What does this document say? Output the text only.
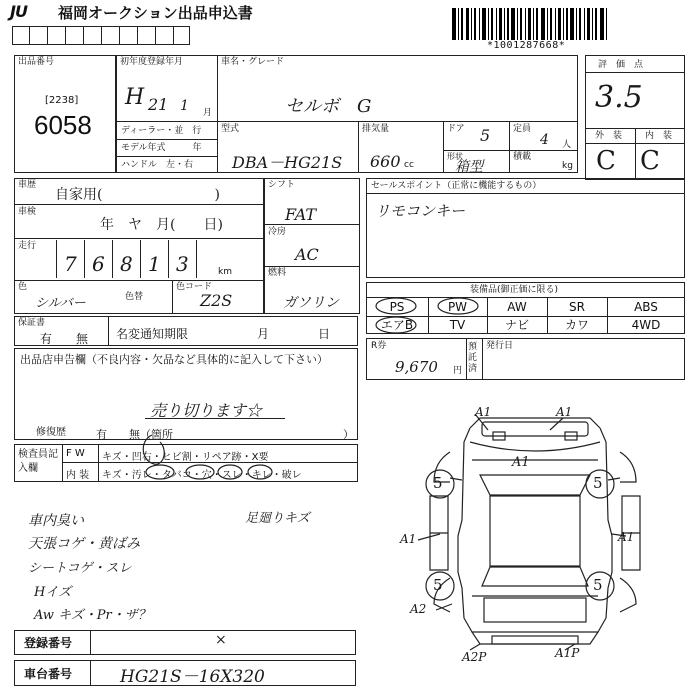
JU 福岡オークション出品申込書
*1001287668*
出品番号
[2238]
6058
初年度登録年月
H 21 1 月
ディーラー・並　行
モデル年式　　　年
ハンドル　左・右
車名・グレード
セルボ　G
型式
DBA－HG21S
排気量
660 cc
ドア 5	定員
4 人
形状
箱型
積載
kg
評　価　点
3.5
外　装	内　装
C C
車歴
自家用(　　　　　　　　)
車検
年　ヤ　月(　　日)
走行
7 6 8 1 3	km
色
シルバー	色替
色コード
Z2S
シフト
FAT
冷房
AC
燃料
ガソリン
セールスポイント（正常に機能するもの）
リモコンキー
装備品(御正価に限る)
PS	PW	AW	SR	ABS
エアB	TV	ナビ	カワ	4WD
保証書
有　　無 名変通知期限	月	日
R券
9,670 円
預託済
発行日
出品店申告欄（不良内容・欠品など具体的に記入して下さい）
売り切ります☆
修復歴	有　　無（箇所	）
検査員記入欄
F W キズ・凹右・ヒビ割・リペア跡・X要
内 装 キズ・汚レ・タバコ・穴・スレ・キレ・破レ
車内臭い
天張コゲ・黄ばみ
シートコゲ・スレ
Hイズ
Aw キズ・Pr・ザ？
足廻りキズ
A1	A1
A1
A1	A1
A2
A2P	A1P
5	5
5	5
登録番号	×
車台番号	HG21S－16X320
